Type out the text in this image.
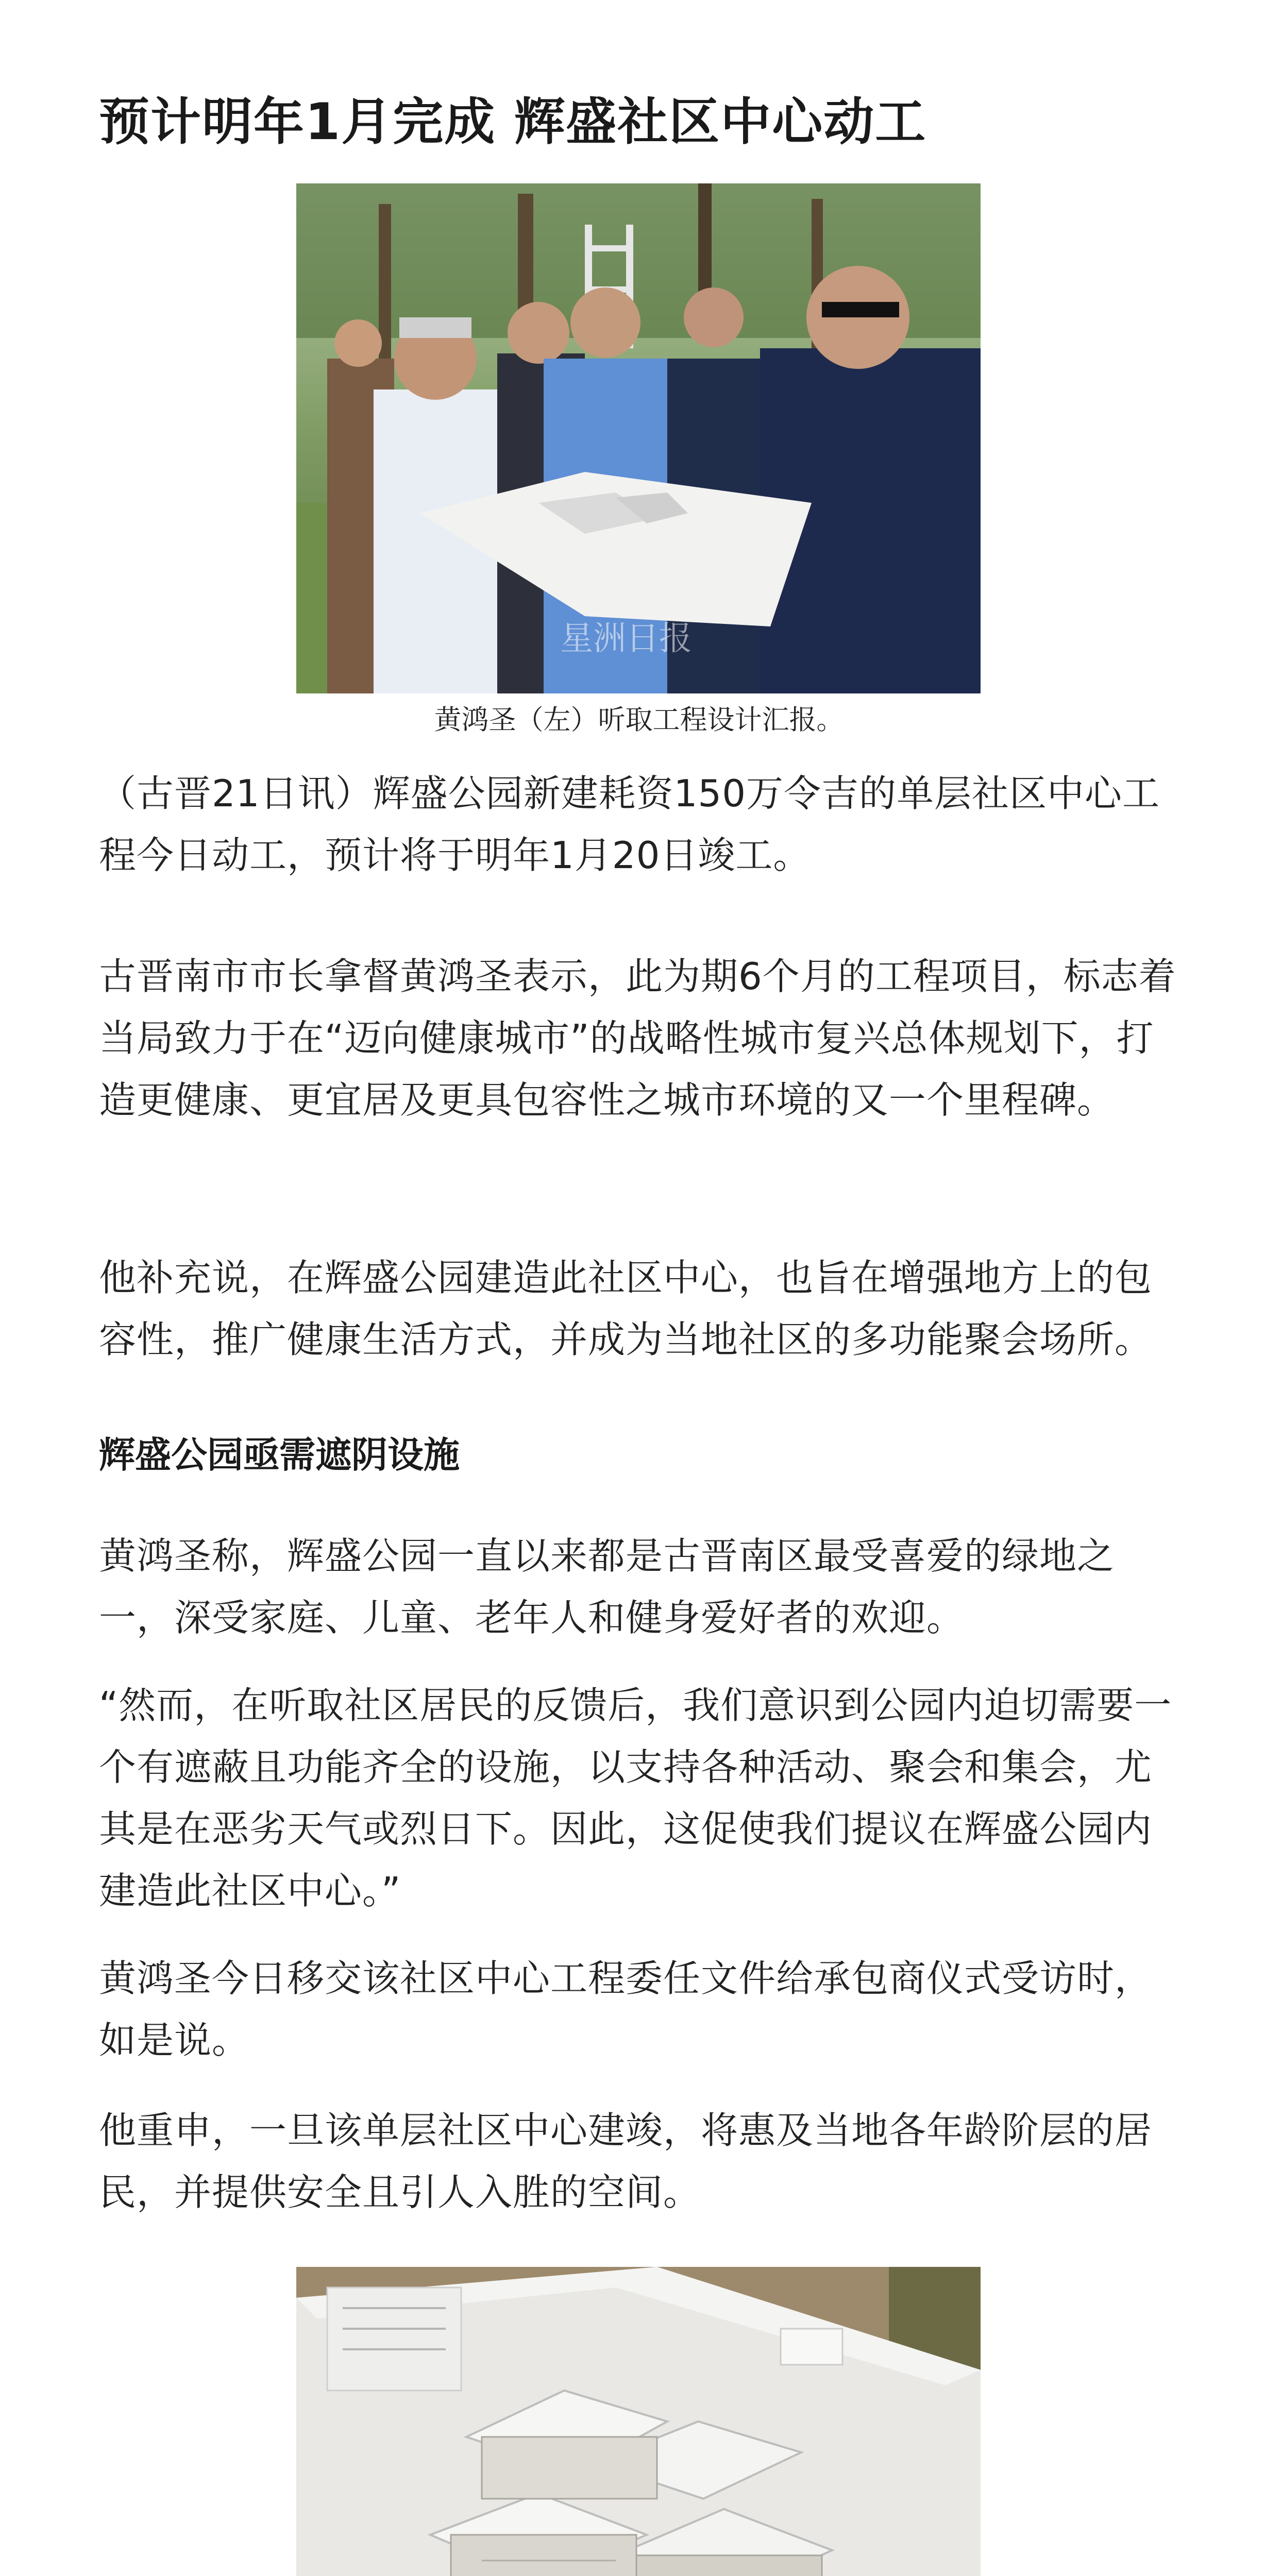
预计明年1月完成 辉盛社区中心动工
星洲日报
黄鸿圣（左）听取工程设计汇报。

（古晋21日讯）辉盛公园新建耗资150万令吉的单层社区中心工程今日动工，预计将于明年1月20日竣工。

古晋南市市长拿督黄鸿圣表示，此为期6个月的工程项目，标志着当局致力于在“迈向健康城市”的战略性城市复兴总体规划下，打造更健康、更宜居及更具包容性之城市环境的又一个里程碑。

他补充说，在辉盛公园建造此社区中心，也旨在增强地方上的包容性，推广健康生活方式，并成为当地社区的多功能聚会场所。

辉盛公园亟需遮阴设施

黄鸿圣称，辉盛公园一直以来都是古晋南区最受喜爱的绿地之一，深受家庭、儿童、老年人和健身爱好者的欢迎。

“然而，在听取社区居民的反馈后，我们意识到公园内迫切需要一个有遮蔽且功能齐全的设施，以支持各种活动、聚会和集会，尤其是在恶劣天气或烈日下。因此，这促使我们提议在辉盛公园内建造此社区中心。”

黄鸿圣今日移交该社区中心工程委任文件给承包商仪式受访时，如是说。

他重申，一旦该单层社区中心建竣，将惠及当地各年龄阶层的居民，并提供安全且引人入胜的空间。
